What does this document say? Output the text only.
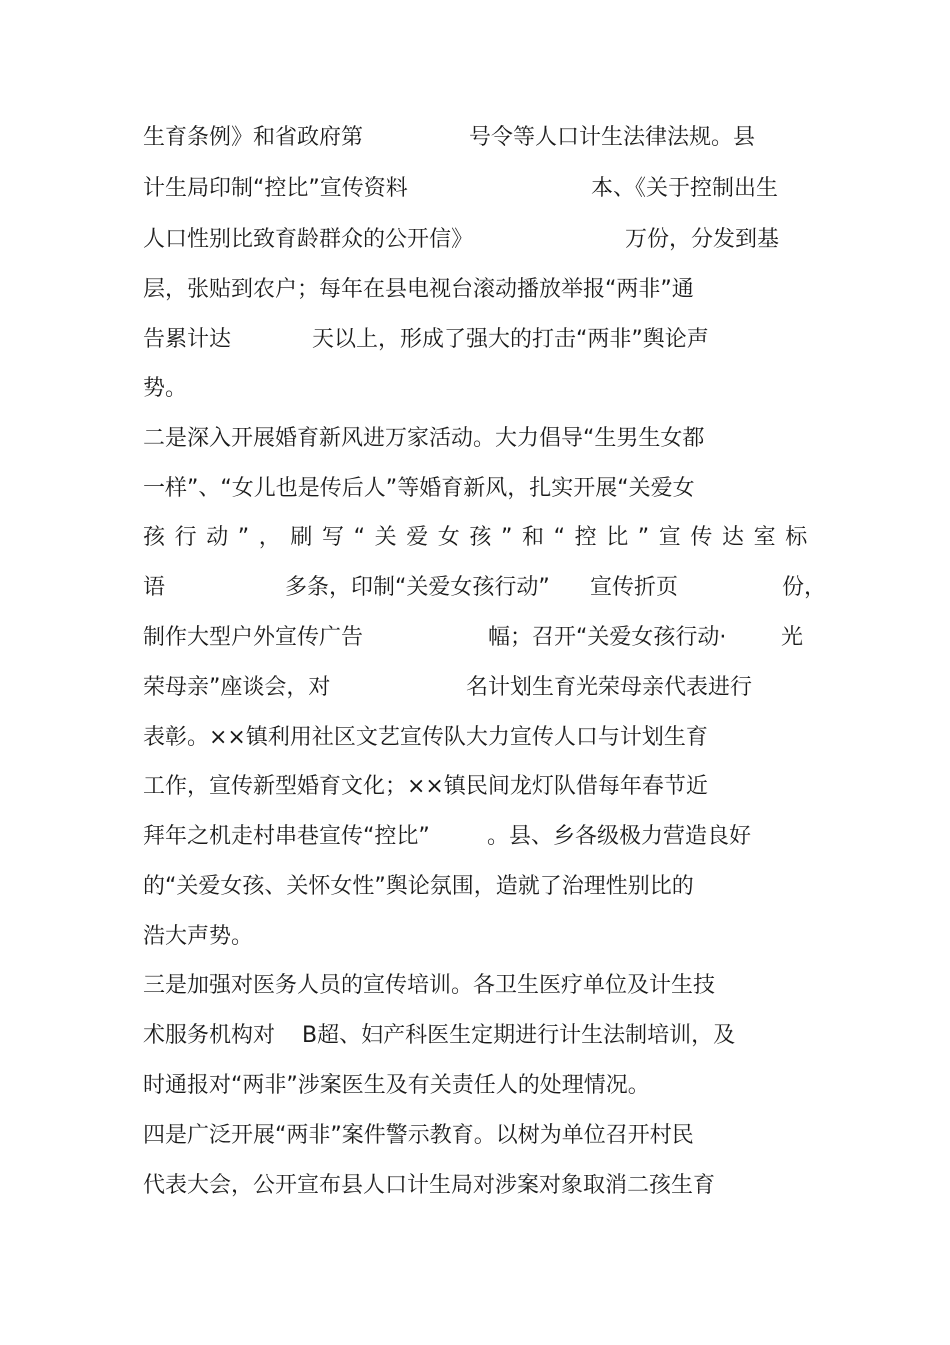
生育条例》和省政府第	号令等人口计生法律法规。县
计生局印制“控比”宣传资料	本、《关于控制出生
人口性别比致育龄群众的公开信》	万份，分发到基
层，张贴到农户；每年在县电视台滚动播放举报“两非”通
告累计达	天以上，形成了强大的打击“两非”舆论声
势。
二是深入开展婚育新风进万家活动。大力倡导“生男生女都
一样”、“女儿也是传后人”等婚育新风，扎实开展“关爱女
孩行动”，刷写“关爱女孩”和“控比”宣传达室标
语	多条，印制“关爱女孩行动” 宣传折页	份，
制作大型户外宣传广告	幅；召开“关爱女孩行动· 光
荣母亲”座谈会，对	名计划生育光荣母亲代表进行
表彰。××镇利用社区文艺宣传队大力宣传人口与计划生育
工作，宣传新型婚育文化；××镇民间龙灯队借每年春节近
拜年之机走村串巷宣传“控比”	。县、乡各级极力营造良好
的“关爱女孩、关怀女性”舆论氛围，造就了治理性别比的
浩大声势。
三是加强对医务人员的宣传培训。各卫生医疗单位及计生技
术服务机构对 B超、妇产科医生定期进行计生法制培训，及
时通报对“两非”涉案医生及有关责任人的处理情况。
四是广泛开展“两非”案件警示教育。以树为单位召开村民
代表大会，公开宣布县人口计生局对涉案对象取消二孩生育
